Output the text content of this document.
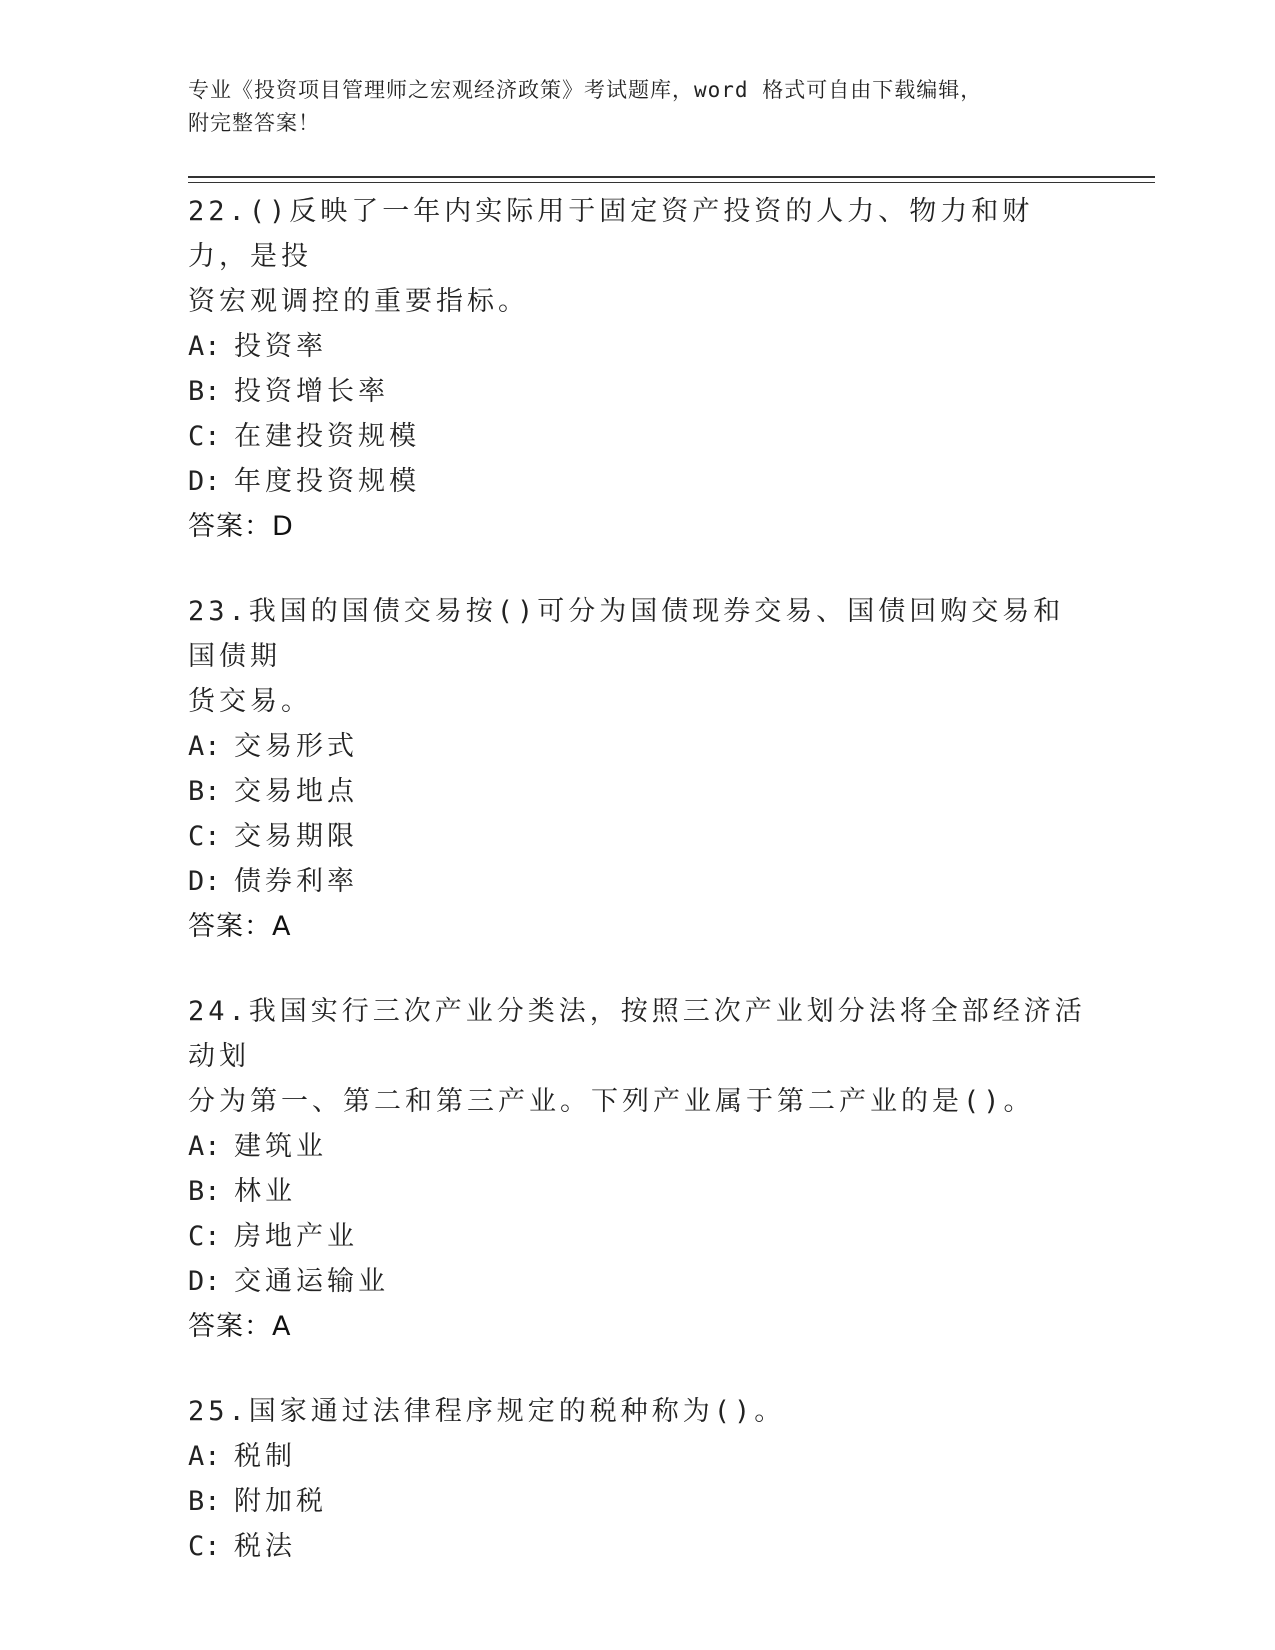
专业《投资项目管理师之宏观经济政策》考试题库，word 格式可自由下载编辑，
附完整答案！
22.()反映了一年内实际用于固定资产投资的人力、物力和财力，是投
资宏观调控的重要指标。
A: 投资率
B: 投资增长率
C: 在建投资规模
D: 年度投资规模
答案：D
23.我国的国债交易按()可分为国债现券交易、国债回购交易和国债期
货交易。
A: 交易形式
B: 交易地点
C: 交易期限
D: 债券利率
答案：A
24.我国实行三次产业分类法，按照三次产业划分法将全部经济活动划
分为第一、第二和第三产业。下列产业属于第二产业的是()。
A: 建筑业
B: 林业
C: 房地产业
D: 交通运输业
答案：A
25.国家通过法律程序规定的税种称为()。
A: 税制
B: 附加税
C: 税法
